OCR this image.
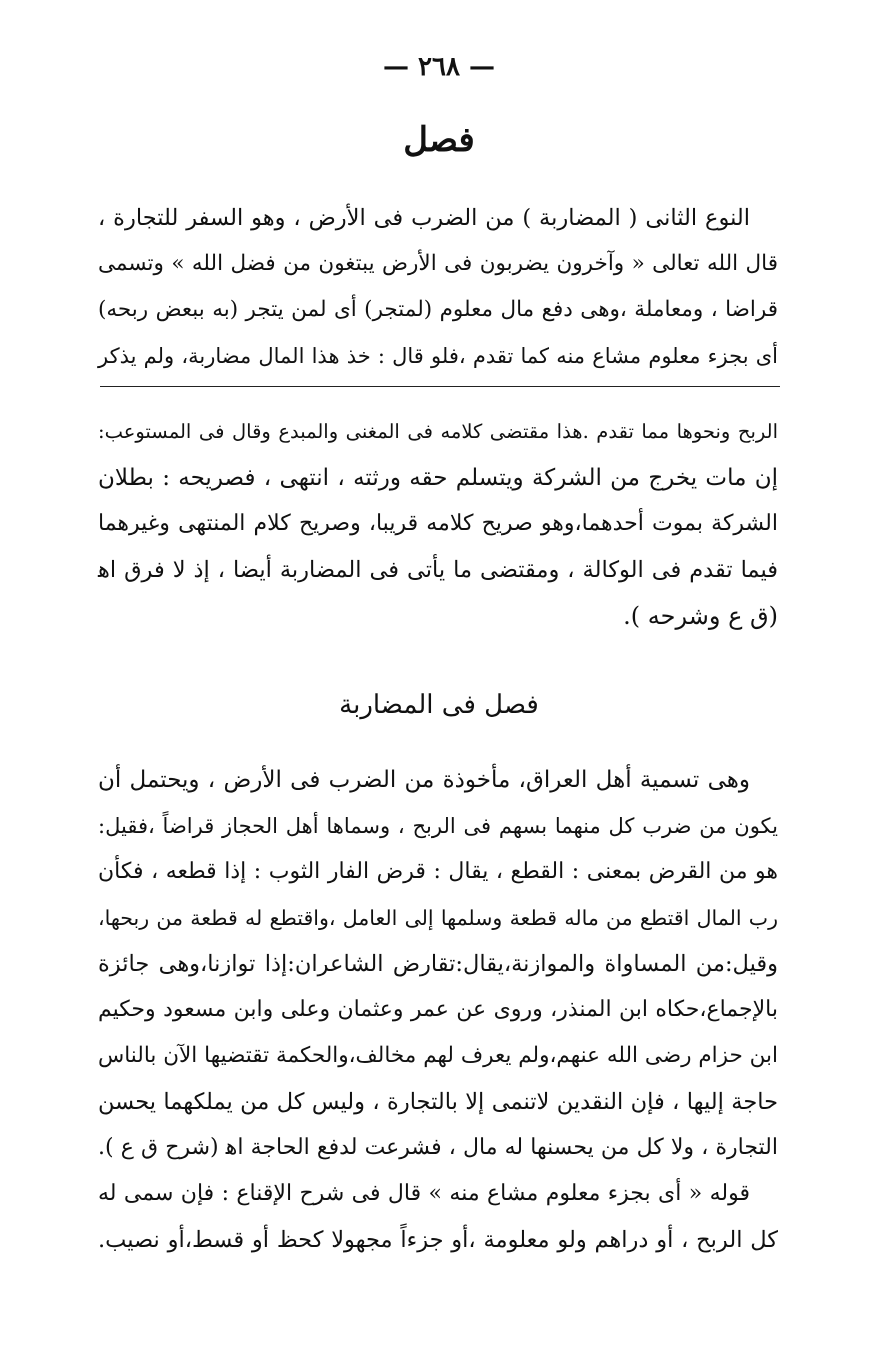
— ٢٦٨ —
فصل
النوع الثانى ( المضاربة ) من الضرب فى الأرض ، وهو السفر للتجارة ،
قال الله تعالى « وآخرون يضربون فى الأرض يبتغون من فضل الله » وتسمى
قراضا ، ومعاملة ،وهى دفع مال معلوم (لمتجر) أى لمن يتجر (به ببعض ربحه)
أى بجزء معلوم مشاع منه كما تقدم ،فلو قال : خذ هذا المال مضاربة، ولم يذكر
الربح ونحوها مما تقدم .هذا مقتضى كلامه فى المغنى والمبدع وقال فى المستوعب:
إن مات يخرج من الشركة ويتسلم حقه ورثته ، انتهى ، فصريحه : بطلان
الشركة بموت أحدهما،وهو صريح كلامه قريبا، وصريح كلام المنتهى وغيرهما
فيما تقدم فى الوكالة ، ومقتضى ما يأتى فى المضاربة أيضا ، إذ لا فرق اﻫ
(ق ع وشرحه ).
فصل فى المضاربة
وهى تسمية أهل العراق، مأخوذة من الضرب فى الأرض ، ويحتمل أن
يكون من ضرب كل منهما بسهم فى الربح ، وسماها أهل الحجاز قراضاً ،فقيل:
هو من القرض بمعنى : القطع ، يقال : قرض الفار الثوب : إذا قطعه ، فكأن
رب المال اقتطع من ماله قطعة وسلمها إلى العامل ،واقتطع له قطعة من ربحها،
وقيل:من المساواة والموازنة،يقال:تقارض الشاعران:إذا توازنا،وهى جائزة
بالإجماع،حكاه ابن المنذر، وروى عن عمر وعثمان وعلى وابن مسعود وحكيم
ابن حزام رضى الله عنهم،ولم يعرف لهم مخالف،والحكمة تقتضيها الآن بالناس
حاجة إليها ، فإن النقدين لاتنمى إلا بالتجارة ، وليس كل من يملكهما يحسن
التجارة ، ولا كل من يحسنها له مال ، فشرعت لدفع الحاجة اﻫ (شرح ق ع ).
قوله « أى بجزء معلوم مشاع منه » قال فى شرح الإقناع : فإن سمى له
كل الربح ، أو دراهم ولو معلومة ،أو جزءاً مجهولا كحظ أو قسط،أو نصيب.
